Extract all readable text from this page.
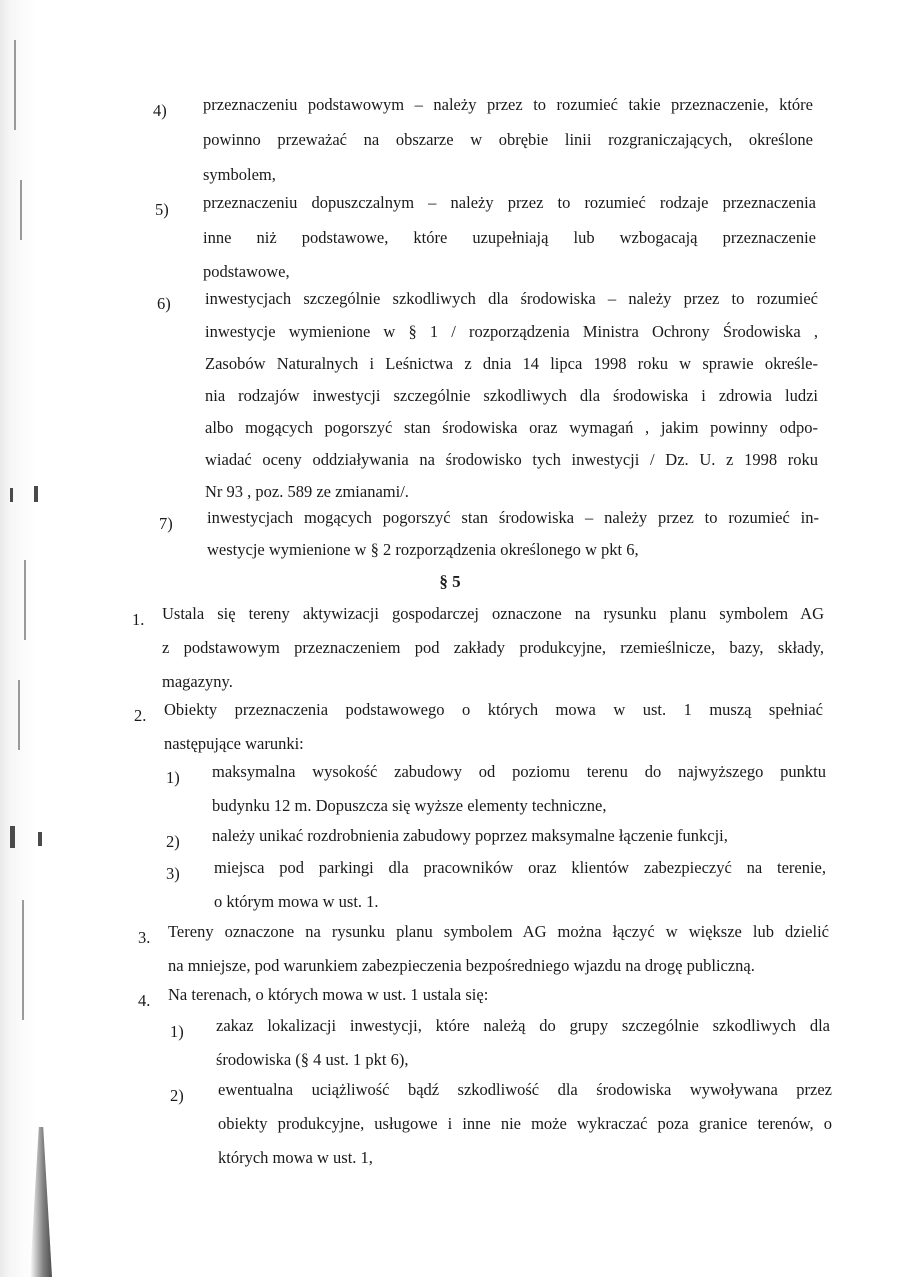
4) przeznaczeniu podstawowym – należy przez to rozumieć takie przeznaczenie, które
powinno przeważać na obszarze w obrębie linii rozgraniczających, określone
symbolem,
5) przeznaczeniu dopuszczalnym – należy przez to rozumieć rodzaje przeznaczenia
inne niż podstawowe, które uzupełniają lub wzbogacają przeznaczenie
podstawowe,
6) inwestycjach szczególnie szkodliwych dla środowiska – należy przez to rozumieć
inwestycje wymienione w § 1 / rozporządzenia Ministra Ochrony Środowiska ,
Zasobów Naturalnych i Leśnictwa z dnia 14 lipca 1998 roku w sprawie określe-
nia rodzajów inwestycji szczególnie szkodliwych dla środowiska i zdrowia ludzi
albo mogących pogorszyć stan środowiska oraz wymagań , jakim powinny odpo-
wiadać oceny oddziaływania na środowisko tych inwestycji / Dz. U. z 1998 roku
Nr 93 , poz. 589 ze zmianami/.
7) inwestycjach mogących pogorszyć stan środowiska – należy przez to rozumieć in-
westycje wymienione w § 2 rozporządzenia określonego w pkt 6,
§ 5
1. Ustala się tereny aktywizacji gospodarczej oznaczone na rysunku planu symbolem AG
z podstawowym przeznaczeniem pod zakłady produkcyjne, rzemieślnicze, bazy, składy,
magazyny.
2. Obiekty przeznaczenia podstawowego o których mowa w ust. 1 muszą spełniać
następujące warunki:
1) maksymalna wysokość zabudowy od poziomu terenu do najwyższego punktu
budynku 12 m. Dopuszcza się wyższe elementy techniczne,
2) należy unikać rozdrobnienia zabudowy poprzez maksymalne łączenie funkcji,
3) miejsca pod parkingi dla pracowników oraz klientów zabezpieczyć na terenie,
o którym mowa w ust. 1.
3. Tereny oznaczone na rysunku planu symbolem AG można łączyć w większe lub dzielić
na mniejsze, pod warunkiem zabezpieczenia bezpośredniego wjazdu na drogę publiczną.
4. Na terenach, o których mowa w ust. 1 ustala się:
1) zakaz lokalizacji inwestycji, które należą do grupy szczególnie szkodliwych dla
środowiska (§ 4 ust. 1 pkt 6),
2) ewentualna uciążliwość bądź szkodliwość dla środowiska wywoływana przez
obiekty produkcyjne, usługowe i inne nie może wykraczać poza granice terenów, o
których mowa w ust. 1,
